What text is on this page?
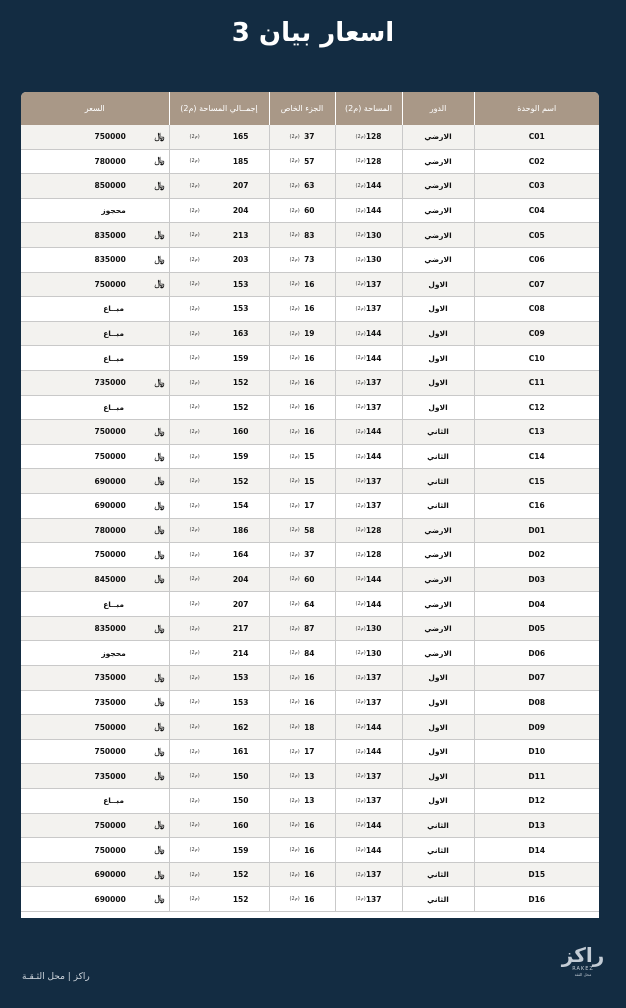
اسعار بيان 3
اسم الوحدة	الدور	المساحة (م2)	الجزء الخاص	إجمــالي المساحة (م2)	السعر
C01	الارضي	(م2) 128	(م2) 37	(م2) 165	750000 ﷼

C02	الارضي	(م2) 128	(م2) 57	(م2) 185	780000 ﷼

C03	الارضي	(م2) 144	(م2) 63	(م2) 207	850000 ﷼

C04	الارضي	(م2) 144	(م2) 60	(م2) 204	محجوز

C05	الارضي	(م2) 130	(م2) 83	(م2) 213	835000 ﷼

C06	الارضي	(م2) 130	(م2) 73	(م2) 203	835000 ﷼

C07	الاول	(م2) 137	(م2) 16	(م2) 153	750000 ﷼

C08	الاول	(م2) 137	(م2) 16	(م2) 153	مبــاع

C09	الاول	(م2) 144	(م2) 19	(م2) 163	مبــاع

C10	الاول	(م2) 144	(م2) 16	(م2) 159	مبــاع

C11	الاول	(م2) 137	(م2) 16	(م2) 152	735000 ﷼

C12	الاول	(م2) 137	(م2) 16	(م2) 152	مبــاع

C13	الثاني	(م2) 144	(م2) 16	(م2) 160	750000 ﷼

C14	الثاني	(م2) 144	(م2) 15	(م2) 159	750000 ﷼

C15	الثاني	(م2) 137	(م2) 15	(م2) 152	690000 ﷼

C16	الثاني	(م2) 137	(م2) 17	(م2) 154	690000 ﷼

D01	الارضي	(م2) 128	(م2) 58	(م2) 186	780000 ﷼

D02	الارضي	(م2) 128	(م2) 37	(م2) 164	750000 ﷼

D03	الارضي	(م2) 144	(م2) 60	(م2) 204	845000 ﷼

D04	الارضي	(م2) 144	(م2) 64	(م2) 207	مبــاع

D05	الارضي	(م2) 130	(م2) 87	(م2) 217	835000 ﷼

D06	الارضي	(م2) 130	(م2) 84	(م2) 214	محجوز

D07	الاول	(م2) 137	(م2) 16	(م2) 153	735000 ﷼

D08	الاول	(م2) 137	(م2) 16	(م2) 153	735000 ﷼

D09	الاول	(م2) 144	(م2) 18	(م2) 162	750000 ﷼

D10	الاول	(م2) 144	(م2) 17	(م2) 161	750000 ﷼

D11	الاول	(م2) 137	(م2) 13	(م2) 150	735000 ﷼

D12	الاول	(م2) 137	(م2) 13	(م2) 150	مبــاع

D13	الثاني	(م2) 144	(م2) 16	(م2) 160	750000 ﷼

D14	الثاني	(م2) 144	(م2) 16	(م2) 159	750000 ﷼

D15	الثاني	(م2) 137	(م2) 16	(م2) 152	690000 ﷼

D16	الثاني	(م2) 137	(م2) 16	(م2) 152	690000 ﷼
راكز | محل الثـقـة
راكز
RAKEZ
محل الثقة
